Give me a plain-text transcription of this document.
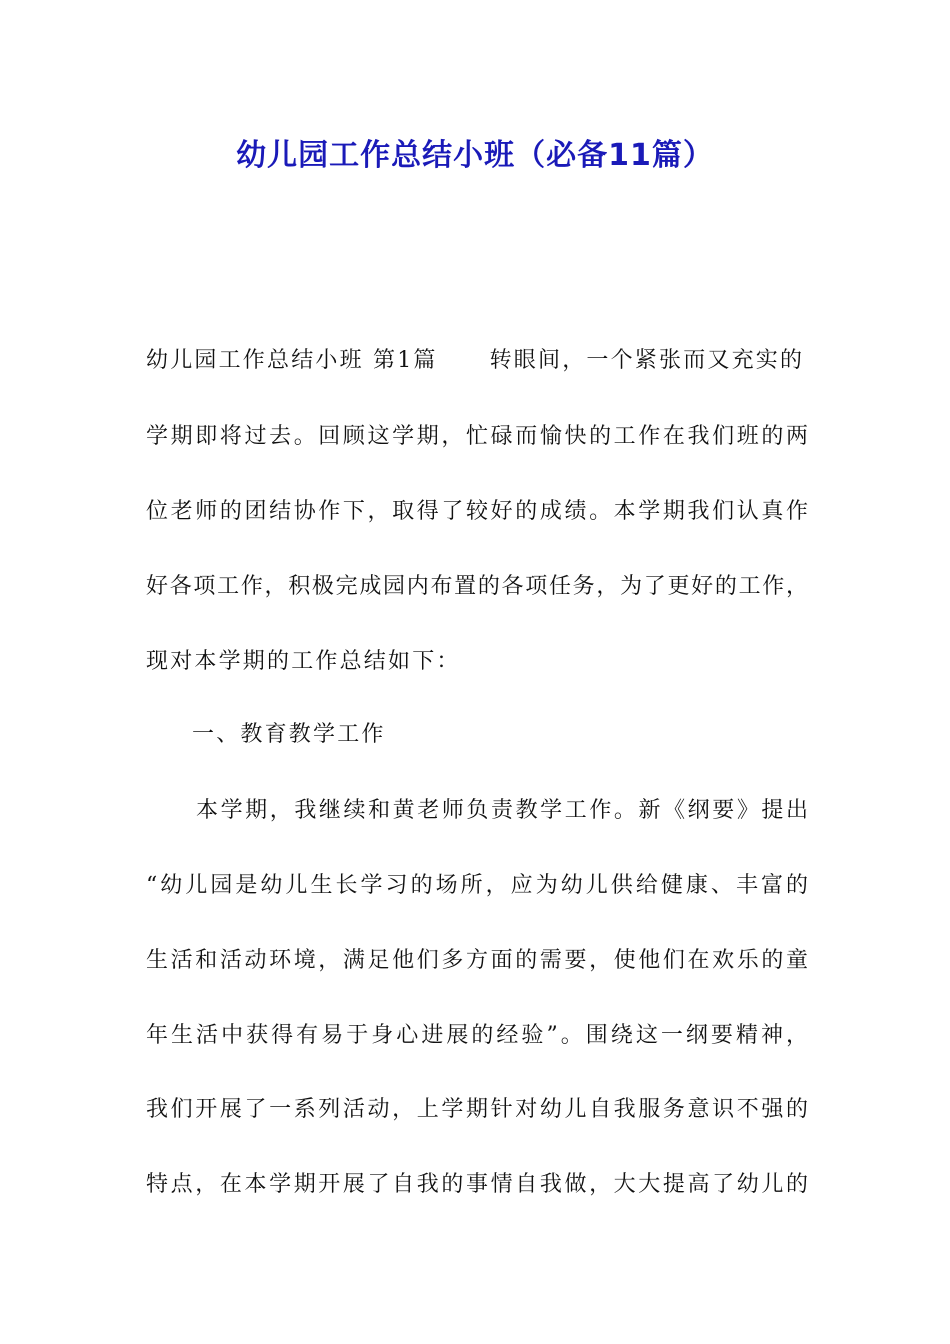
幼儿园工作总结小班（必备11篇）

幼儿园工作总结小班 第1篇 转眼间，一个紧张而又充实的

学期即将过去。回顾这学期，忙碌而愉快的工作在我们班的两

位老师的团结协作下，取得了较好的成绩。本学期我们认真作

好各项工作，积极完成园内布置的各项任务，为了更好的工作，

现对本学期的工作总结如下：

一、教育教学工作

本学期，我继续和黄老师负责教学工作。新《纲要》提出

“幼儿园是幼儿生长学习的场所，应为幼儿供给健康、丰富的

生活和活动环境，满足他们多方面的需要，使他们在欢乐的童

年生活中获得有易于身心进展的经验”。围绕这一纲要精神，

我们开展了一系列活动，上学期针对幼儿自我服务意识不强的

特点，在本学期开展了自我的事情自我做，大大提高了幼儿的
